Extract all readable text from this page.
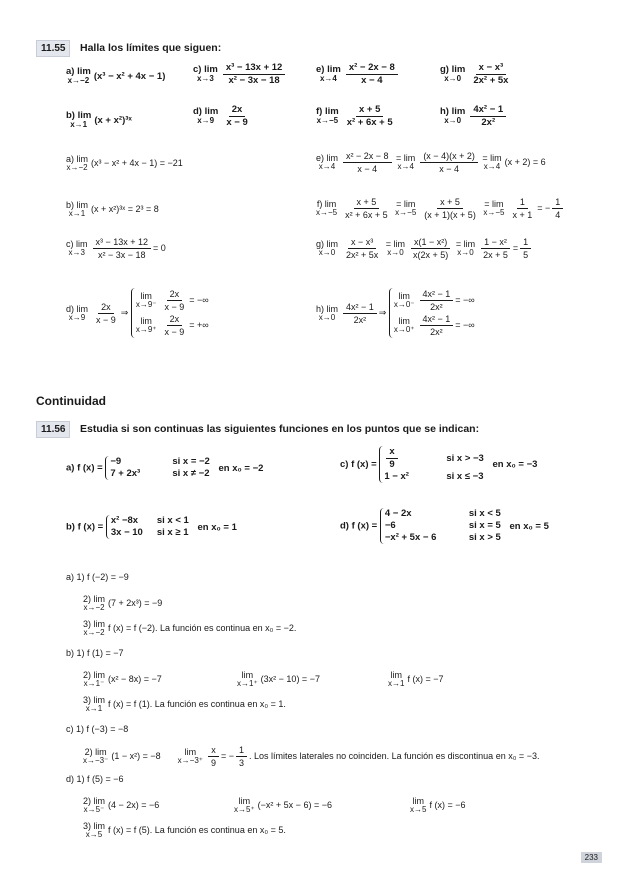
11.55	Halla los límites que siguen:
a) lim
x→−2 (x³ − x² + 4x − 1)
c) lim
$x\to 3 \frac{\text{x³ − 13x + 12}}{\text{x² − 3x − 18}}$	e) lim
$x\to 4 \frac{\text{x² − 2x − 8}}{x - 4}$	g) lim
$x\to 0 \frac{\text{x − x³}}{\text{2x² + 5x}}$
b) lim
x→1 (x + x²)³ˣ
d) lim
$x\to 9 \frac{2x}{x - 9}$	f) lim
$x\to-5 \frac{x + 5}{\text{x² + 6x + 5}}$	h) lim
$x\to 0 \frac{\text{4x² − 1}}{\text{2x²}}$
a) lim
x→−2 (x³ − x² + 4x − 1) = −21
b) lim
x→1 (x + x²)³ˣ = 2³ = 8
c) lim
$x\to 3 \frac{\text{x³ − 13x + 12}}{\text{x² − 3x − 18}} = 0$
d) lim
$x\to 9 \frac{2x}{x - 9}$ ⇒
lim
$x\to 9^- \frac{2x}{x - 9}$ = −∞
lim
$x\to 9^+ \frac{2x}{x - 9}$ = +∞
e) lim
$x\to 4 \frac{\text{x² − 2x − 8}}{x - 4}$
= lim
$x\to 4 \frac{(x - 4)(x + 2)}{x - 4}$
= lim
x→4 (x + 2) = 6
f) lim
$x\to-5 \frac{x + 5}{\text{x² + 6x + 5}}$
= lim
$x\to-5 \frac{x + 5}{(x + 1)(x + 5)}$
= lim
$x\to-5 \frac{1}{x + 1}$ = − $\frac{1}{4}$
g) lim
$x\to 0 \frac{\text{x − x³}}{\text{2x² + 5x}}$
= lim
$x\to 0 \frac{\text{x(1 − x²)}}{x(2x + 5)}$
= lim
$x\to 0 \frac{\text{1 − x²}}{2x + 5} = \frac{1}{5}$
h) lim
$x\to 0 \frac{\text{4x² − 1}}{\text{2x²}}$ ⇒
lim
$x\to 0^- \frac{\text{4x² − 1}}{\text{2x²}}$ = −∞
lim
$x\to 0^+ \frac{\text{4x² − 1}}{\text{2x²}}$ = −∞
Continuidad
11.56	Estudia si son continuas las siguientes funciones en los puntos que se indican:
a) f (x) =
−9	si x = −2
7 + 2x³	si x ≠ −2 en x₀ = −2	c) f $(x) = \frac{x}{9}$	si x > −3
1 − x²	si x ≤ −3
en x₀ = −3
b) f (x) =
x² −8x si x < 1
3x − 10 si x ≥ 1 en x₀ = 1	d) f (x) =
4 − 2x	si x < 5
−6	si x = 5
−x² + 5x − 6	si x > 5
en x₀ = 5
a) 1) f (−2) = −9
2) lim
x→−2 (7 + 2x³) = −9
3) lim
x→−2 f (x) = f (−2). La función es continua en x₀ = −2.
b) 1) f (1) = −7
2) lim
x→1⁻ (x² − 8x) = −7	lim
x→1⁺ (3x² − 10) = −7	lim
x→1 f (x) = −7
3) lim
x→1 f (x) = f (1). La función es continua en x₀ = 1.
c) 1) f (−3) = −8
2) lim
x→−3⁻ (1 − x²) = −8	lim
$x\to-3^+ \frac{x}{9}$ = − $\frac{1}{3}$ . Los límites laterales no coinciden. La función es discontinua en x₀ = −3.
d) 1) f (5) = −6
2) lim
x→5⁻ (4 − 2x) = −6	lim
x→5⁺ (−x² + 5x − 6) = −6	lim
x→5 f (x) = −6
3) lim
x→5 f (x) = f (5). La función es continua en x₀ = 5.
233
